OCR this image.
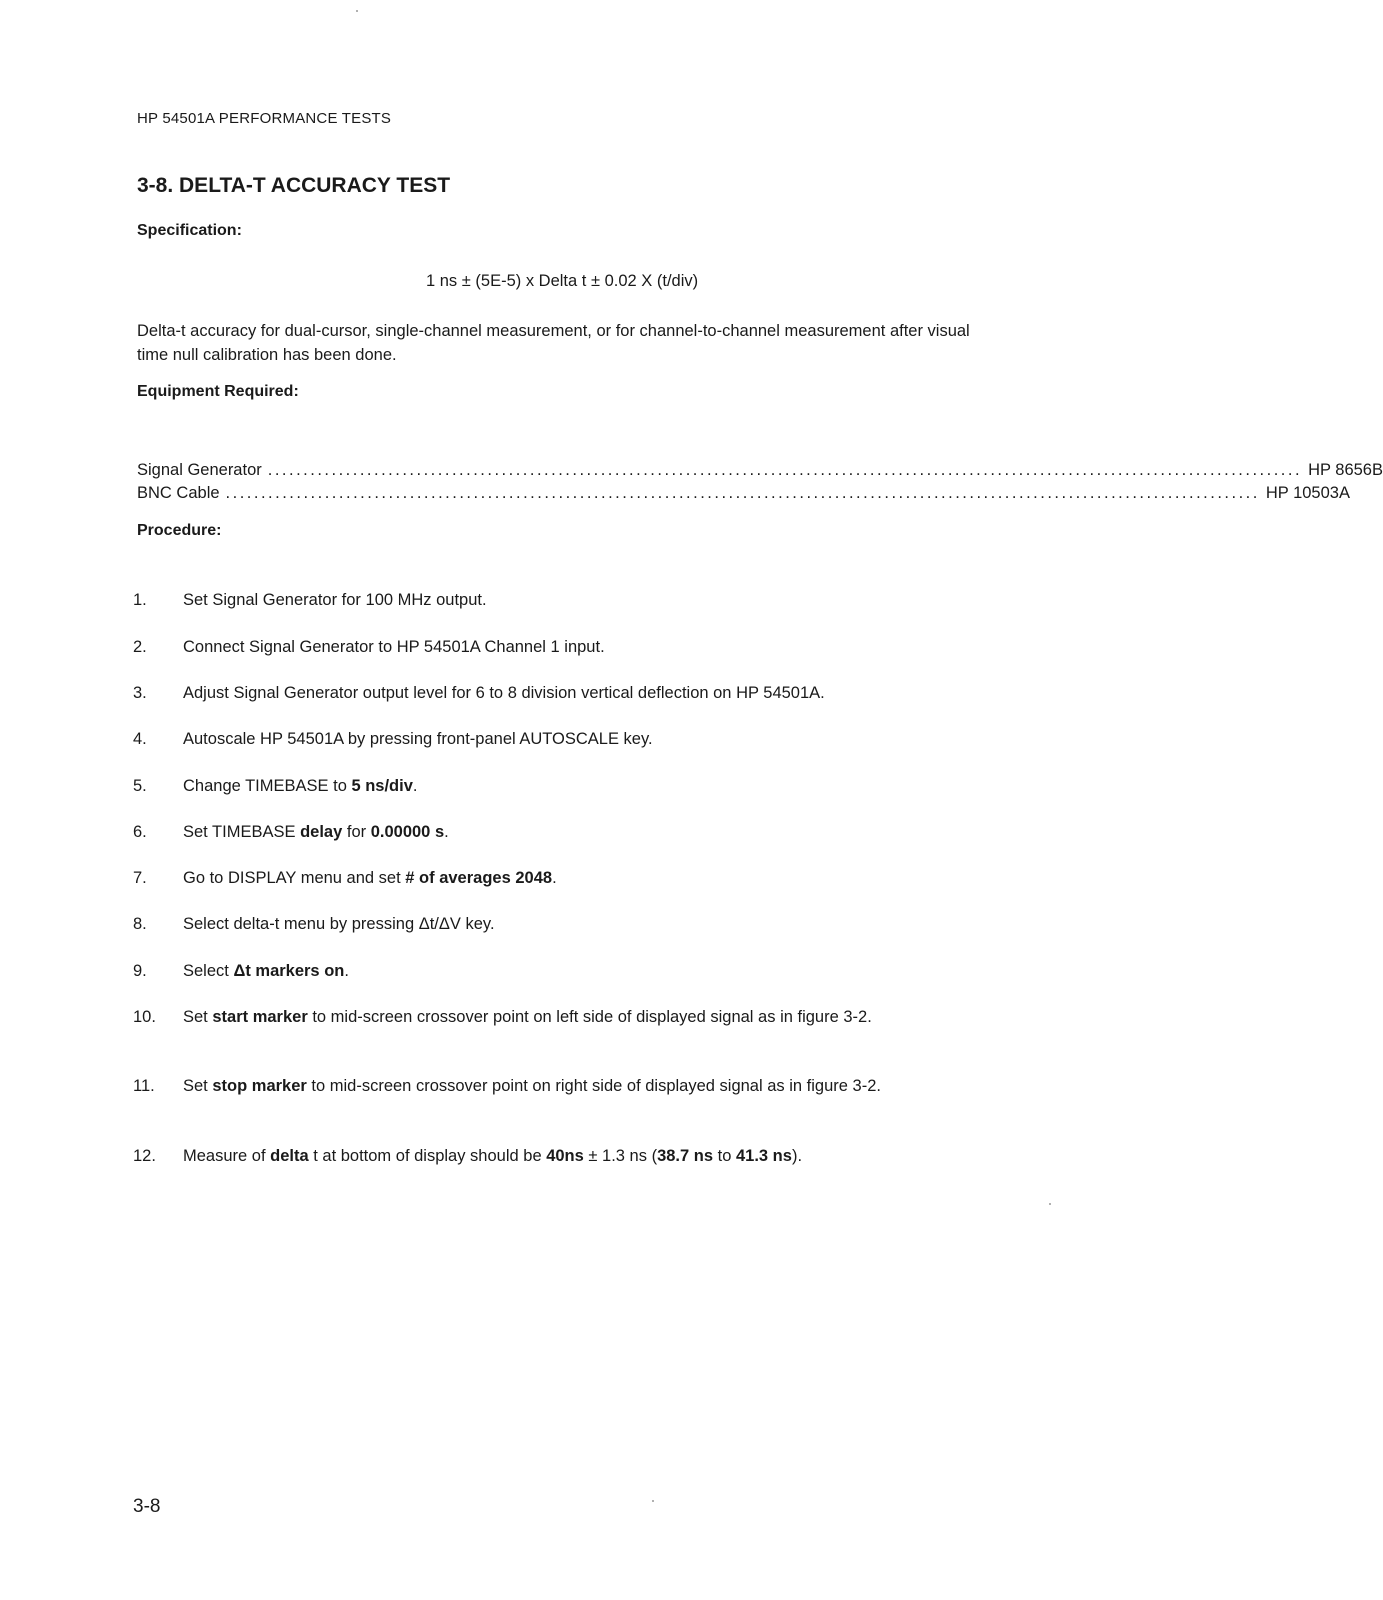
HP 54501A PERFORMANCE TESTS
3-8. DELTA-T ACCURACY TEST
Specification:
1 ns ± (5E-5) x Delta t ± 0.02 X (t/div)

Delta-t accuracy for dual-cursor, single-channel measurement, or for channel-to-channel measurement after visual time null calibration has been done.

Equipment Required:
Signal Generator .................................................................................................................................................. HP 8656B
BNC Cable .................................................................................................................................................. HP 10503A
Procedure:
1.	Set Signal Generator for 100 MHz output.
2.	Connect Signal Generator to HP 54501A Channel 1 input.
3.	Adjust Signal Generator output level for 6 to 8 division vertical deflection on HP 54501A.
4.	Autoscale HP 54501A by pressing front-panel AUTOSCALE key.
5.	Change TIMEBASE to 5 ns/div.
6.	Set TIMEBASE delay for 0.00000 s.
7.	Go to DISPLAY menu and set # of averages 2048.
8.	Select delta-t menu by pressing Δt/ΔV key.
9.	Select Δt markers on.
10.	Set start marker to mid-screen crossover point on left side of displayed signal as in figure 3-2.
11.	Set stop marker to mid-screen crossover point on right side of displayed signal as in figure 3-2.
12.	Measure of delta t at bottom of display should be 40ns ± 1.3 ns (38.7 ns to 41.3 ns).
3-8
